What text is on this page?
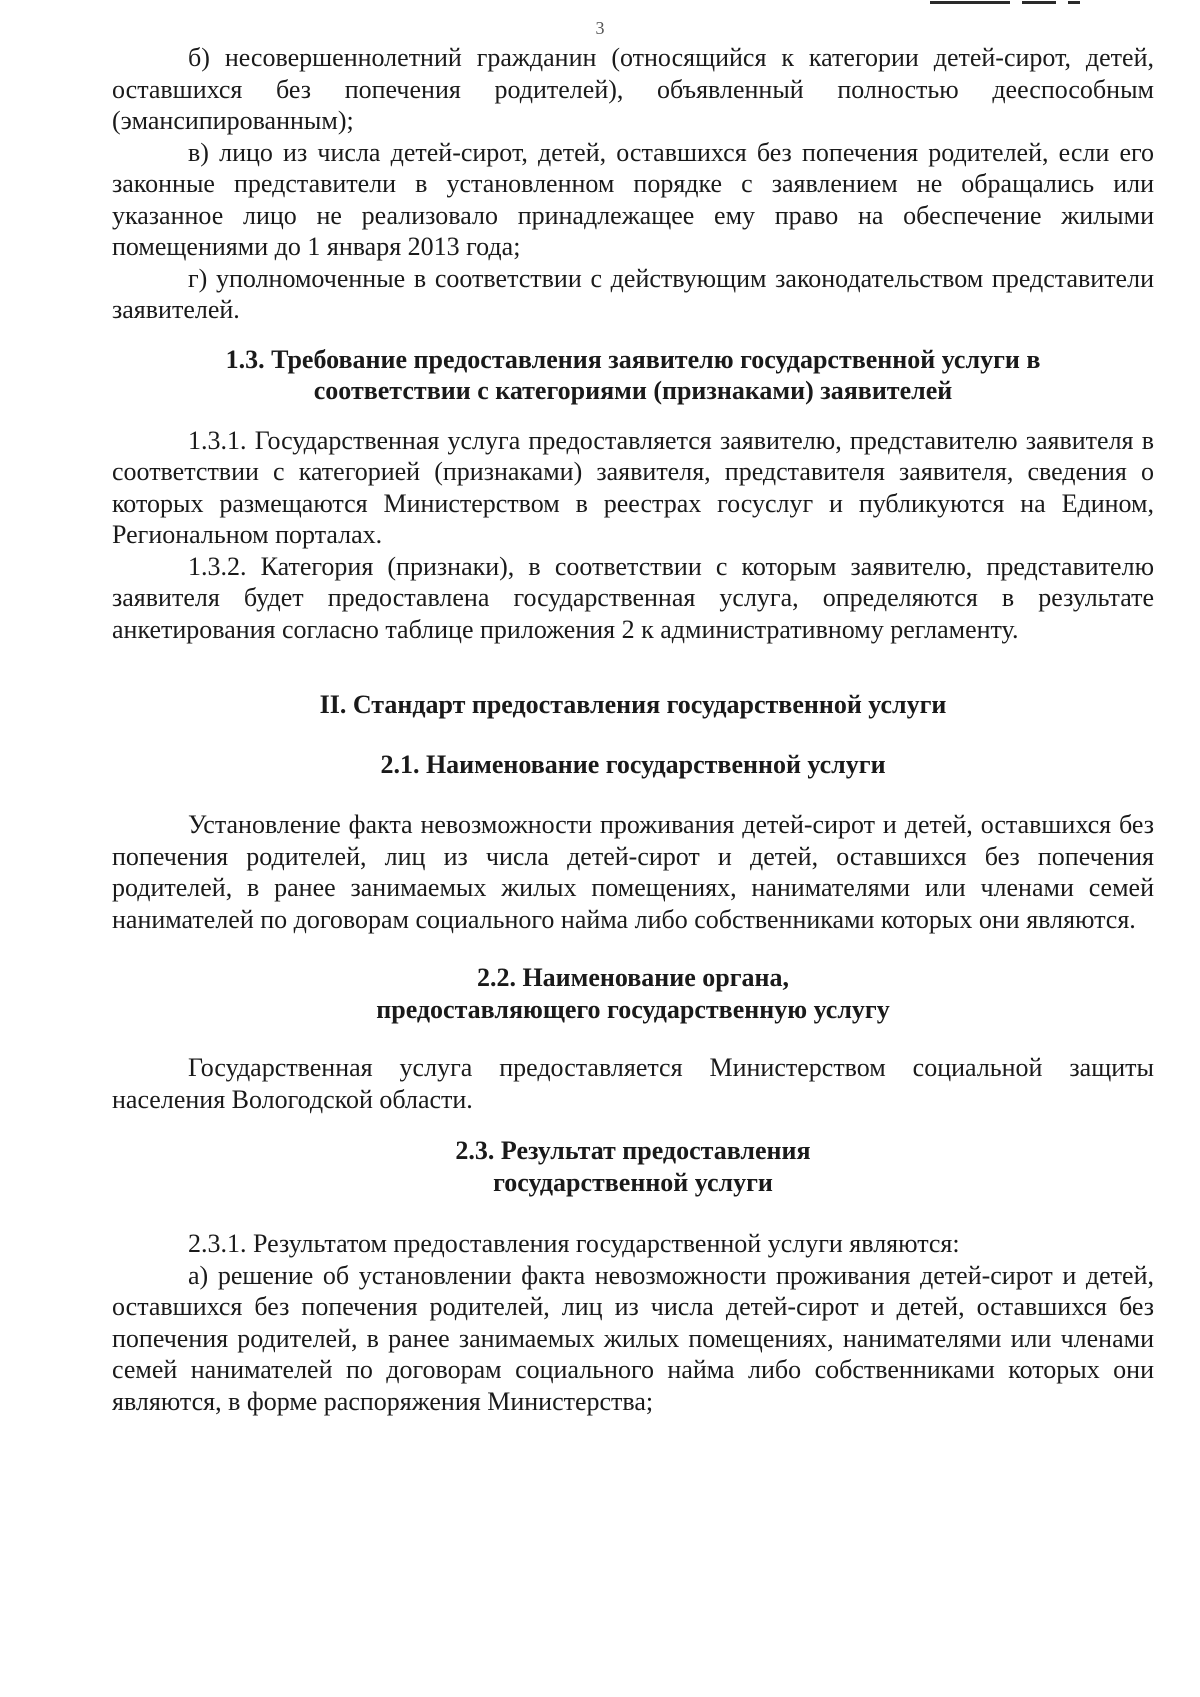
3

б) несовершеннолетний гражданин (относящийся к категории детей-сирот, детей, оставшихся без попечения родителей), объявленный полностью дееспособным (эмансипированным);

в) лицо из числа детей-сирот, детей, оставшихся без попечения родителей, если его законные представители в установленном порядке с заявлением не обращались или указанное лицо не реализовало принадлежащее ему право на обеспечение жилыми помещениями до 1 января 2013 года;

г) уполномоченные в соответствии с действующим законодательством представители заявителей.

1.3. Требование предоставления заявителю государственной услуги в
соответствии с категориями (признаками) заявителей

1.3.1. Государственная услуга предоставляется заявителю, представителю заявителя в соответствии с категорией (признаками) заявителя, представителя заявителя, сведения о которых размещаются Министерством в реестрах госуслуг и публикуются на Едином, Региональном порталах.

1.3.2. Категория (признаки), в соответствии с которым заявителю, представителю заявителя будет предоставлена государственная услуга, определяются в результате анкетирования согласно таблице приложения 2 к административному регламенту.

II. Стандарт предоставления государственной услуги
2.1. Наименование государственной услуги

Установление факта невозможности проживания детей-сирот и детей, оставшихся без попечения родителей, лиц из числа детей-сирот и детей, оставшихся без попечения родителей, в ранее занимаемых жилых помещениях, нанимателями или членами семей нанимателей по договорам социального найма либо собственниками которых они являются.

2.2. Наименование органа,
предоставляющего государственную услугу

Государственная услуга предоставляется Министерством социальной защиты населения Вологодской области.

2.3. Результат предоставления
государственной услуги

2.3.1. Результатом предоставления государственной услуги являются:

а) решение об установлении факта невозможности проживания детей-сирот и детей, оставшихся без попечения родителей, лиц из числа детей-сирот и детей, оставшихся без попечения родителей, в ранее занимаемых жилых помещениях, нанимателями или членами семей нанимателей по договорам социального найма либо собственниками которых они являются, в форме распоряжения Министерства;
